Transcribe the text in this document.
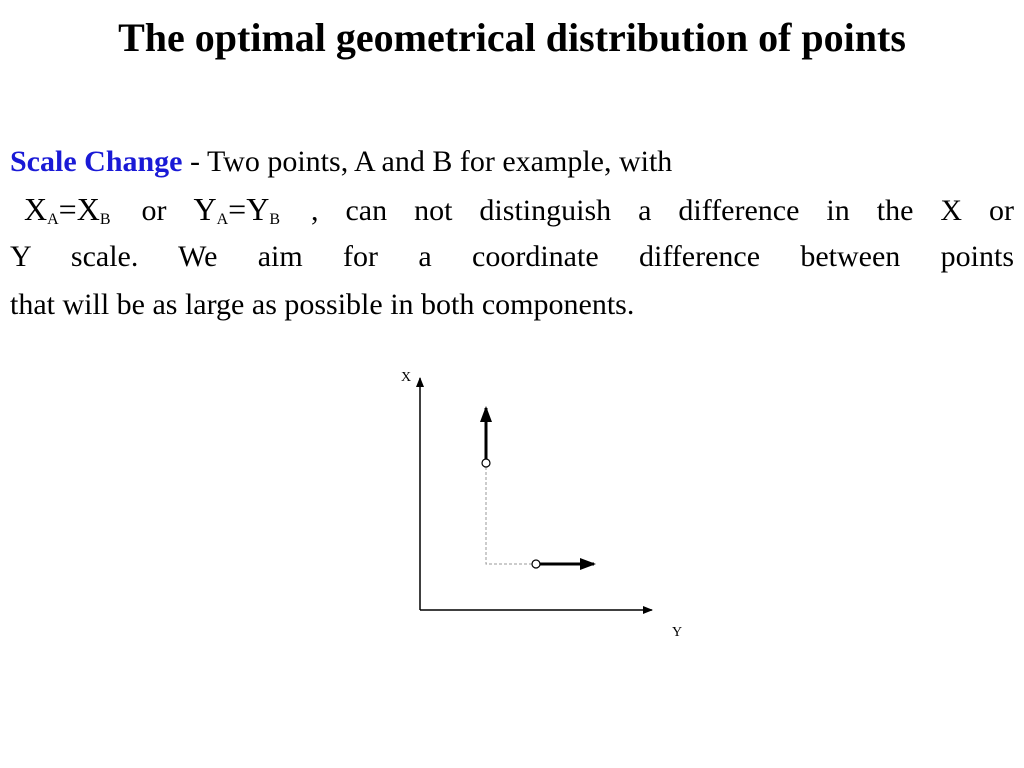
The optimal geometrical distribution of points
Scale Change - Two points, A and B for example, with
$X_A=X_B$ or $Y_A=Y_B$ , can not distinguish a difference in the X or
Y scale. We aim for a coordinate difference between points
that will be as large as possible in both components.
X
Y
